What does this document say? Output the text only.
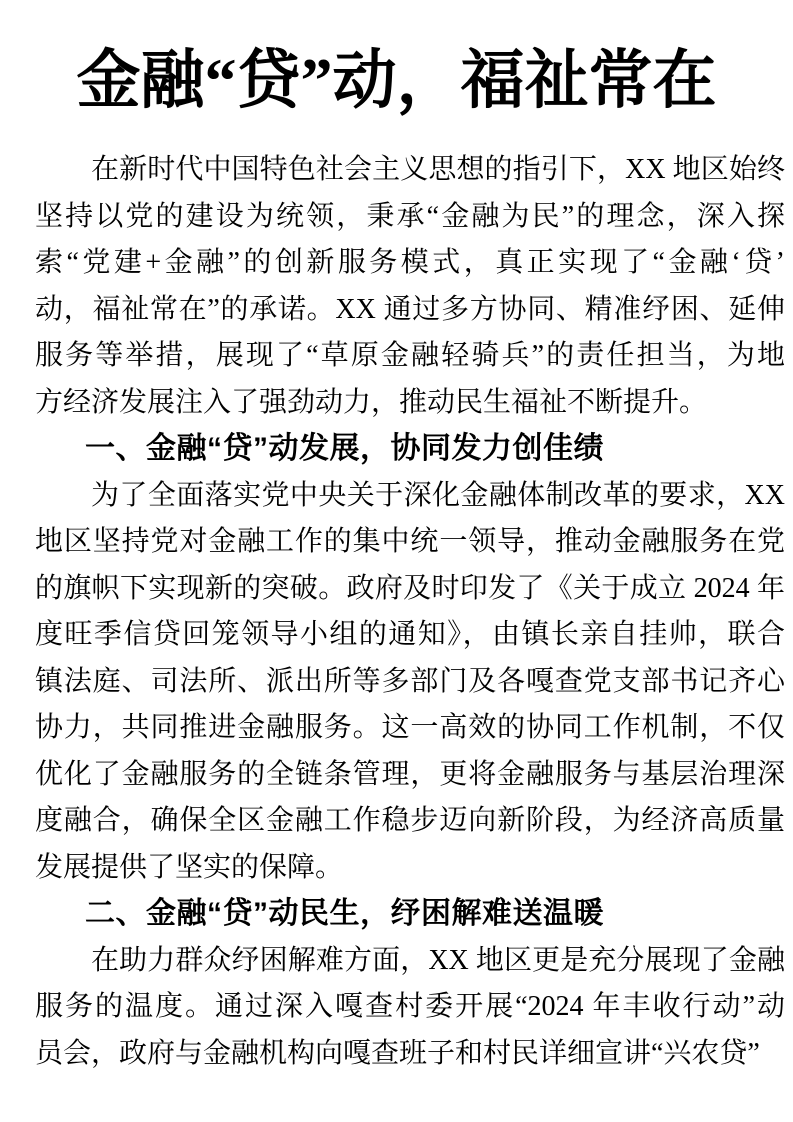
金融“贷”动，福祉常在
在新时代中国特色社会主义思想的指引下，XX 地区始终
坚持以党的建设为统领，秉承“金融为民”的理念，深入探
索“党建+金融”的创新服务模式，真正实现了“金融‘贷’
动，福祉常在”的承诺。XX 通过多方协同、精准纾困、延伸
服务等举措，展现了“草原金融轻骑兵”的责任担当，为地
方经济发展注入了强劲动力，推动民生福祉不断提升。
一、金融“贷”动发展，协同发力创佳绩
为了全面落实党中央关于深化金融体制改革的要求，XX
地区坚持党对金融工作的集中统一领导，推动金融服务在党
的旗帜下实现新的突破。政府及时印发了《关于成立 2024 年
度旺季信贷回笼领导小组的通知》，由镇长亲自挂帅，联合
镇法庭、司法所、派出所等多部门及各嘎查党支部书记齐心
协力，共同推进金融服务。这一高效的协同工作机制，不仅
优化了金融服务的全链条管理，更将金融服务与基层治理深
度融合，确保全区金融工作稳步迈向新阶段，为经济高质量
发展提供了坚实的保障。
二、金融“贷”动民生，纾困解难送温暖
在助力群众纾困解难方面，XX 地区更是充分展现了金融
服务的温度。通过深入嘎查村委开展“2024 年丰收行动”动
员会，政府与金融机构向嘎查班子和村民详细宣讲“兴农贷”
